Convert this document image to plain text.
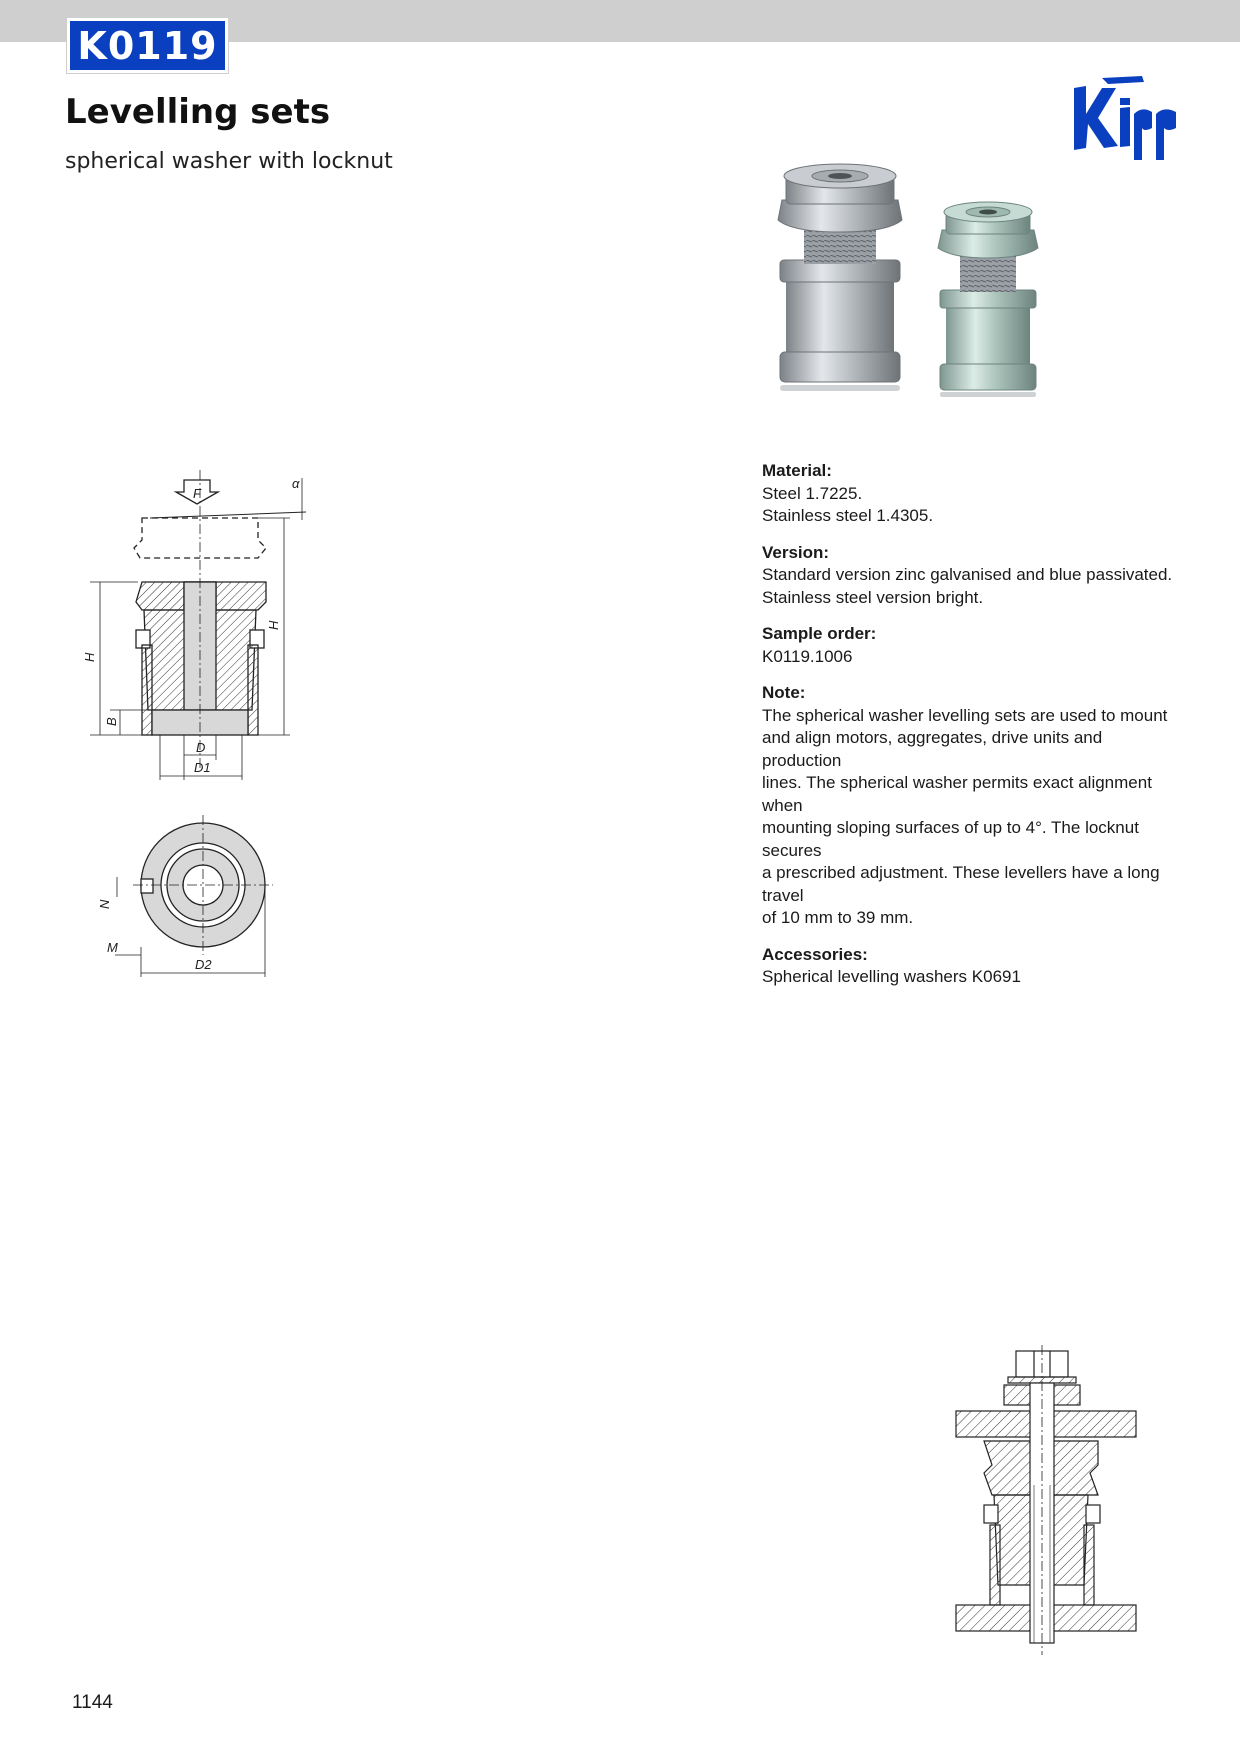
K0119
Levelling sets
spherical washer with locknut
Material:
Steel 1.7225.
Stainless steel 1.4305.
Version:
Standard version zinc galvanised and blue passivated.
Stainless steel version bright.
Sample order:
K0119.1006
Note:
The spherical washer levelling sets are used to mount
and align motors, aggregates, drive units and production
lines. The spherical washer permits exact alignment when
mounting sloping surfaces of up to 4°. The locknut secures
a prescribed adjustment. These levellers have a long travel
of 10 mm to 39 mm.
Accessories:
Spherical levelling washers K0691
F
α
H
H
B
D
D1
N
M
D2
1144
